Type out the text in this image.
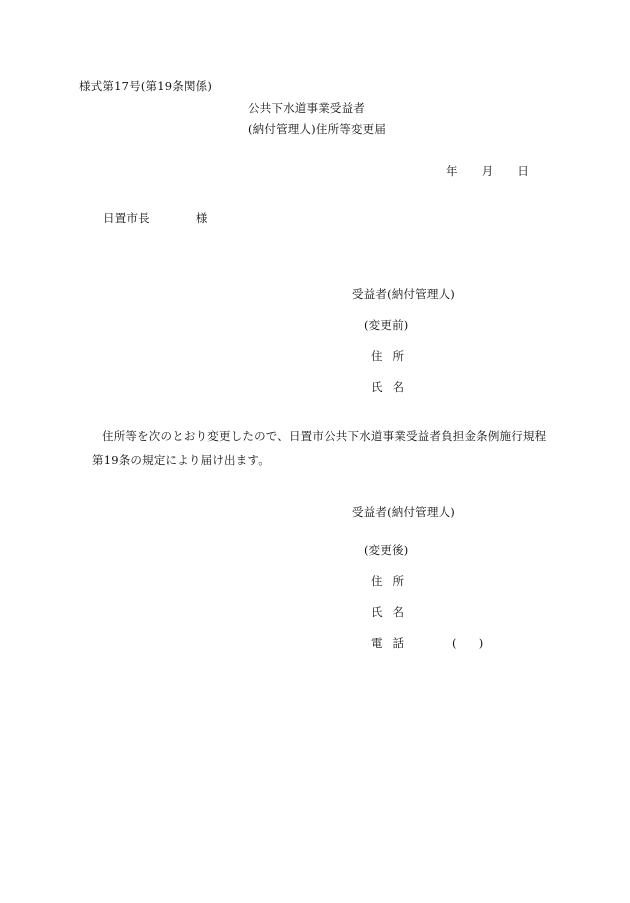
様式第17号(第19条関係)
公共下水道事業受益者
(納付管理人)住所等変更届
年 月 日
日置市長	様
受益者(納付管理人)
(変更前)
住所
氏名
住所等を次のとおり変更したので、日置市公共下水道事業受益者負担金条例施行規程
第19条の規定により届け出ます。
受益者(納付管理人)
(変更後)
住所
氏名
電話	( )
